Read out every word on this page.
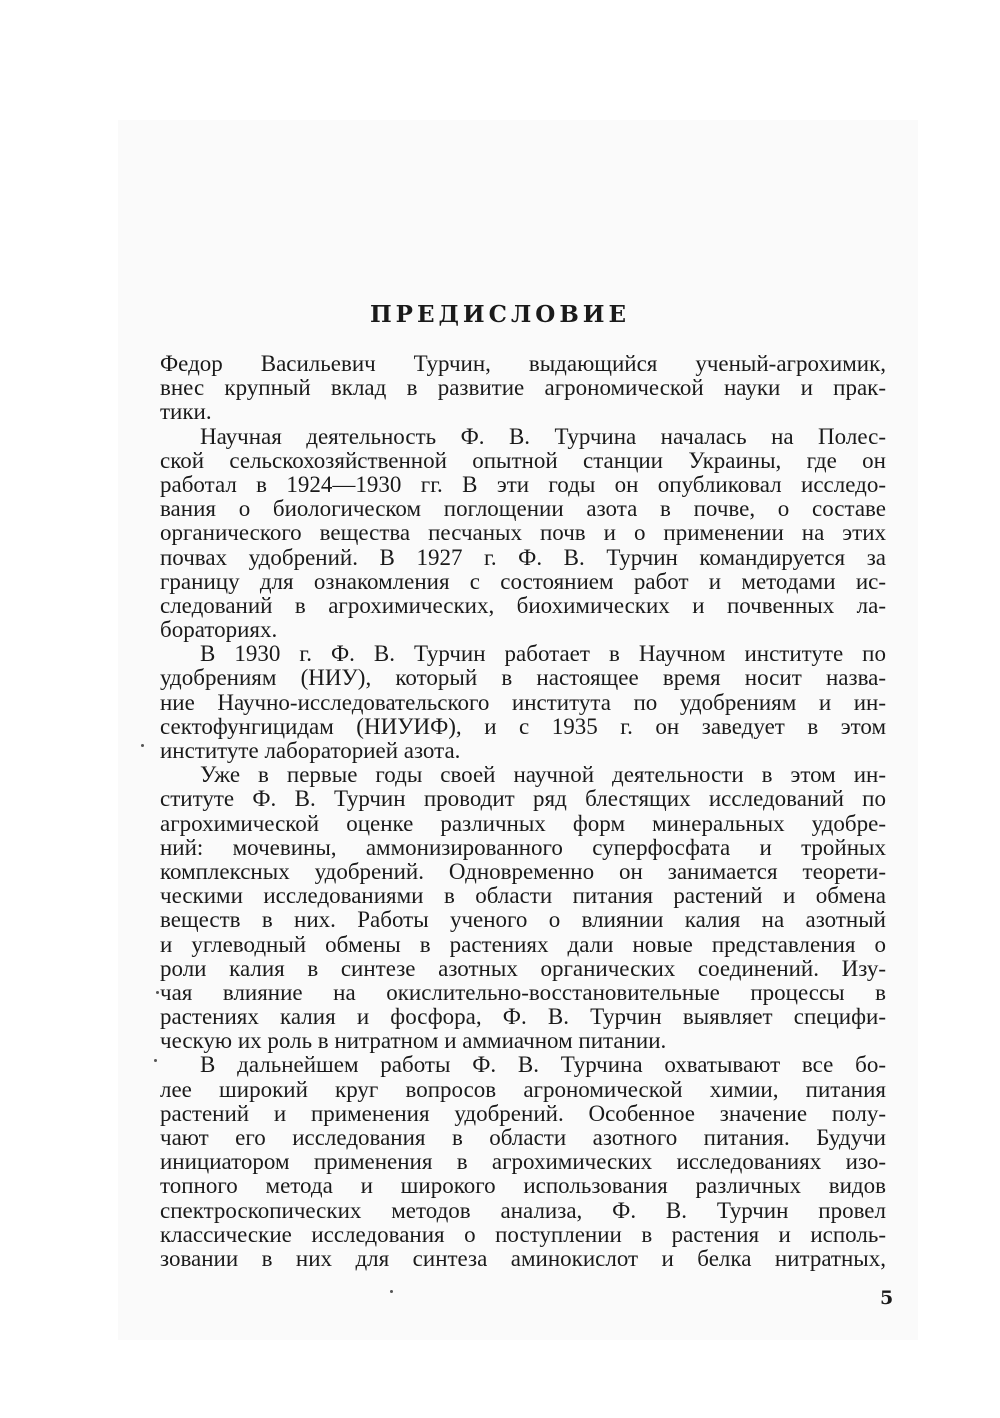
ПРЕДИСЛОВИЕ
Федор Васильевич Турчин, выдающийся ученый-агрохимик,
внес крупный вклад в развитие агрономической науки и прак-
тики.
Научная деятельность Ф. В. Турчина началась на Полес-
ской сельскохозяйственной опытной станции Украины, где он
работал в 1924—1930 гг. В эти годы он опубликовал исследо-
вания о биологическом поглощении азота в почве, о составе
органического вещества песчаных почв и о применении на этих
почвах удобрений. В 1927 г. Ф. В. Турчин командируется за
границу для ознакомления с состоянием работ и методами ис-
следований в агрохимических, биохимических и почвенных ла-
бораториях.
В 1930 г. Ф. В. Турчин работает в Научном институте по
удобрениям (НИУ), который в настоящее время носит назва-
ние Научно-исследовательского института по удобрениям и ин-
сектофунгицидам (НИУИФ), и с 1935 г. он заведует в этом
институте лабораторией азота.
Уже в первые годы своей научной деятельности в этом ин-
ституте Ф. В. Турчин проводит ряд блестящих исследований по
агрохимической оценке различных форм минеральных удобре-
ний: мочевины, аммонизированного суперфосфата и тройных
комплексных удобрений. Одновременно он занимается теорети-
ческими исследованиями в области питания растений и обмена
веществ в них. Работы ученого о влиянии калия на азотный
и углеводный обмены в растениях дали новые представления о
роли калия в синтезе азотных органических соединений. Изу-
чая влияние на окислительно-восстановительные процессы в
растениях калия и фосфора, Ф. В. Турчин выявляет специфи-
ческую их роль в нитратном и аммиачном питании.
В дальнейшем работы Ф. В. Турчина охватывают все бо-
лее широкий круг вопросов агрономической химии, питания
растений и применения удобрений. Особенное значение полу-
чают его исследования в области азотного питания. Будучи
инициатором применения в агрохимических исследованиях изо-
топного метода и широкого использования различных видов
спектроскопических методов анализа, Ф. В. Турчин провел
классические исследования о поступлении в растения и исполь-
зовании в них для синтеза аминокислот и белка нитратных,
5
